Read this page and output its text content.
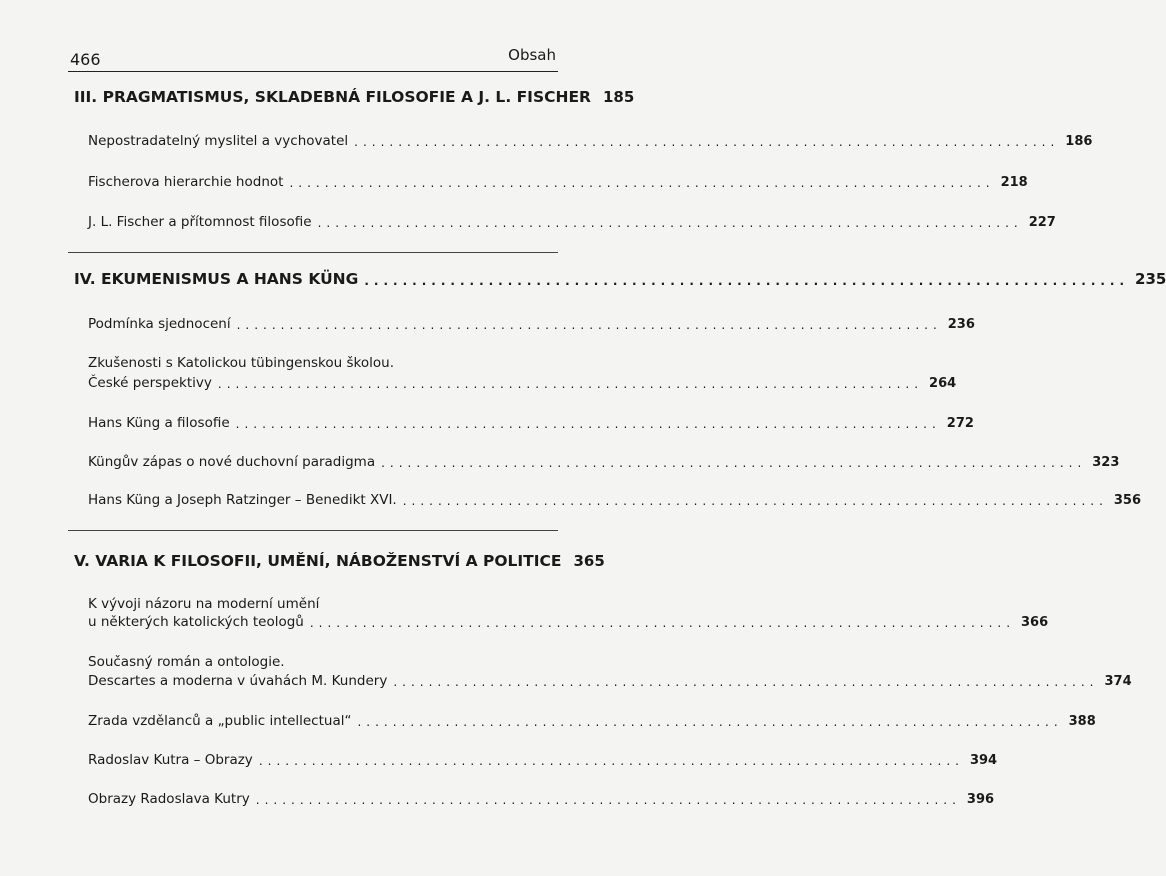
466	Obsah
III. PRAGMATISMUS, SKLADEBNÁ FILOSOFIE A J. L. FISCHER 185
Nepostradatelný myslitel a vychovatel ................................................................................ 186
Fischerova hierarchie hodnot ................................................................................ 218
J. L. Fischer a přítomnost filosofie ................................................................................ 227
IV. EKUMENISMUS A HANS KÜNG ................................................................................ 235
Podmínka sjednocení ................................................................................ 236
Zkušenosti s Katolickou tübingenskou školou.
České perspektivy ................................................................................ 264
Hans Küng a filosofie ................................................................................ 272
Küngův zápas o nové duchovní paradigma ................................................................................ 323
Hans Küng a Joseph Ratzinger – Benedikt XVI. ................................................................................ 356
V. VARIA K FILOSOFII, UMĚNÍ, NÁBOŽENSTVÍ A POLITICE 365
K vývoji názoru na moderní umění
u některých katolických teologů ................................................................................ 366
Současný román a ontologie.
Descartes a moderna v úvahách M. Kundery ................................................................................ 374
Zrada vzdělanců a „public intellectual“ ................................................................................ 388
Radoslav Kutra – Obrazy ................................................................................ 394
Obrazy Radoslava Kutry ................................................................................ 396
